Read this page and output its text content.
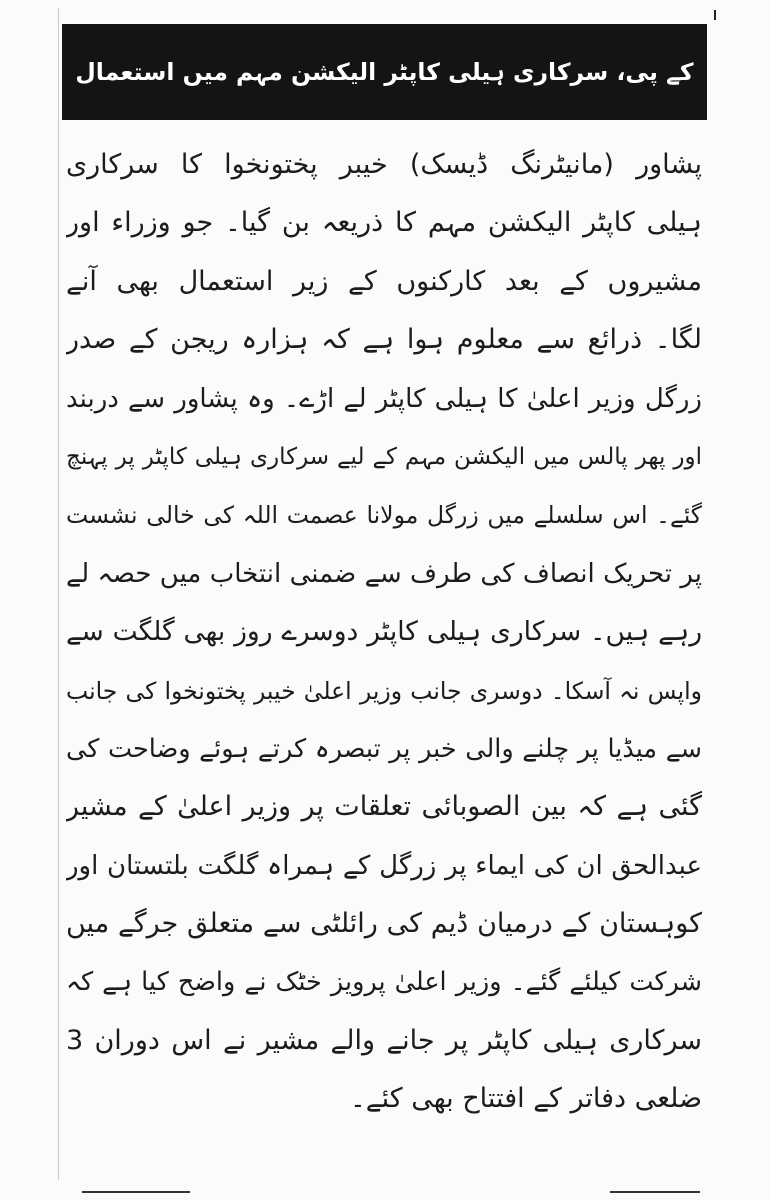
کے پی، سرکاری ہیلی کاپٹر الیکشن مہم میں استعمال
پشاور (مانیٹرنگ ڈیسک) خیبر پختونخوا کا سرکاری
ہیلی کاپٹر الیکشن مہم کا ذریعہ بن گیا۔ جو وزراء اور
مشیروں کے بعد کارکنوں کے زیر استعمال بھی آنے
لگا۔ ذرائع سے معلوم ہوا ہے کہ ہزارہ ریجن کے صدر
زرگل وزیر اعلیٰ کا ہیلی کاپٹر لے اڑے۔ وہ پشاور سے دربند
اور پھر پالس میں الیکشن مہم کے لیے سرکاری ہیلی کاپٹر پر پہنچ
گئے۔ اس سلسلے میں زرگل مولانا عصمت اللہ کی خالی نشست
پر تحریک انصاف کی طرف سے ضمنی انتخاب میں حصہ لے
رہے ہیں۔ سرکاری ہیلی کاپٹر دوسرے روز بھی گلگت سے
واپس نہ آسکا۔ دوسری جانب وزیر اعلیٰ خیبر پختونخوا کی جانب
سے میڈیا پر چلنے والی خبر پر تبصرہ کرتے ہوئے وضاحت کی
گئی ہے کہ بین الصوبائی تعلقات پر وزیر اعلیٰ کے مشیر
عبدالحق ان کی ایماء پر زرگل کے ہمراہ گلگت بلتستان اور
کوہستان کے درمیان ڈیم کی رائلٹی سے متعلق جرگے میں
شرکت کیلئے گئے۔ وزیر اعلیٰ پرویز خٹک نے واضح کیا ہے کہ
سرکاری ہیلی کاپٹر پر جانے والے مشیر نے اس دوران 3
ضلعی دفاتر کے افتتاح بھی کئے۔
